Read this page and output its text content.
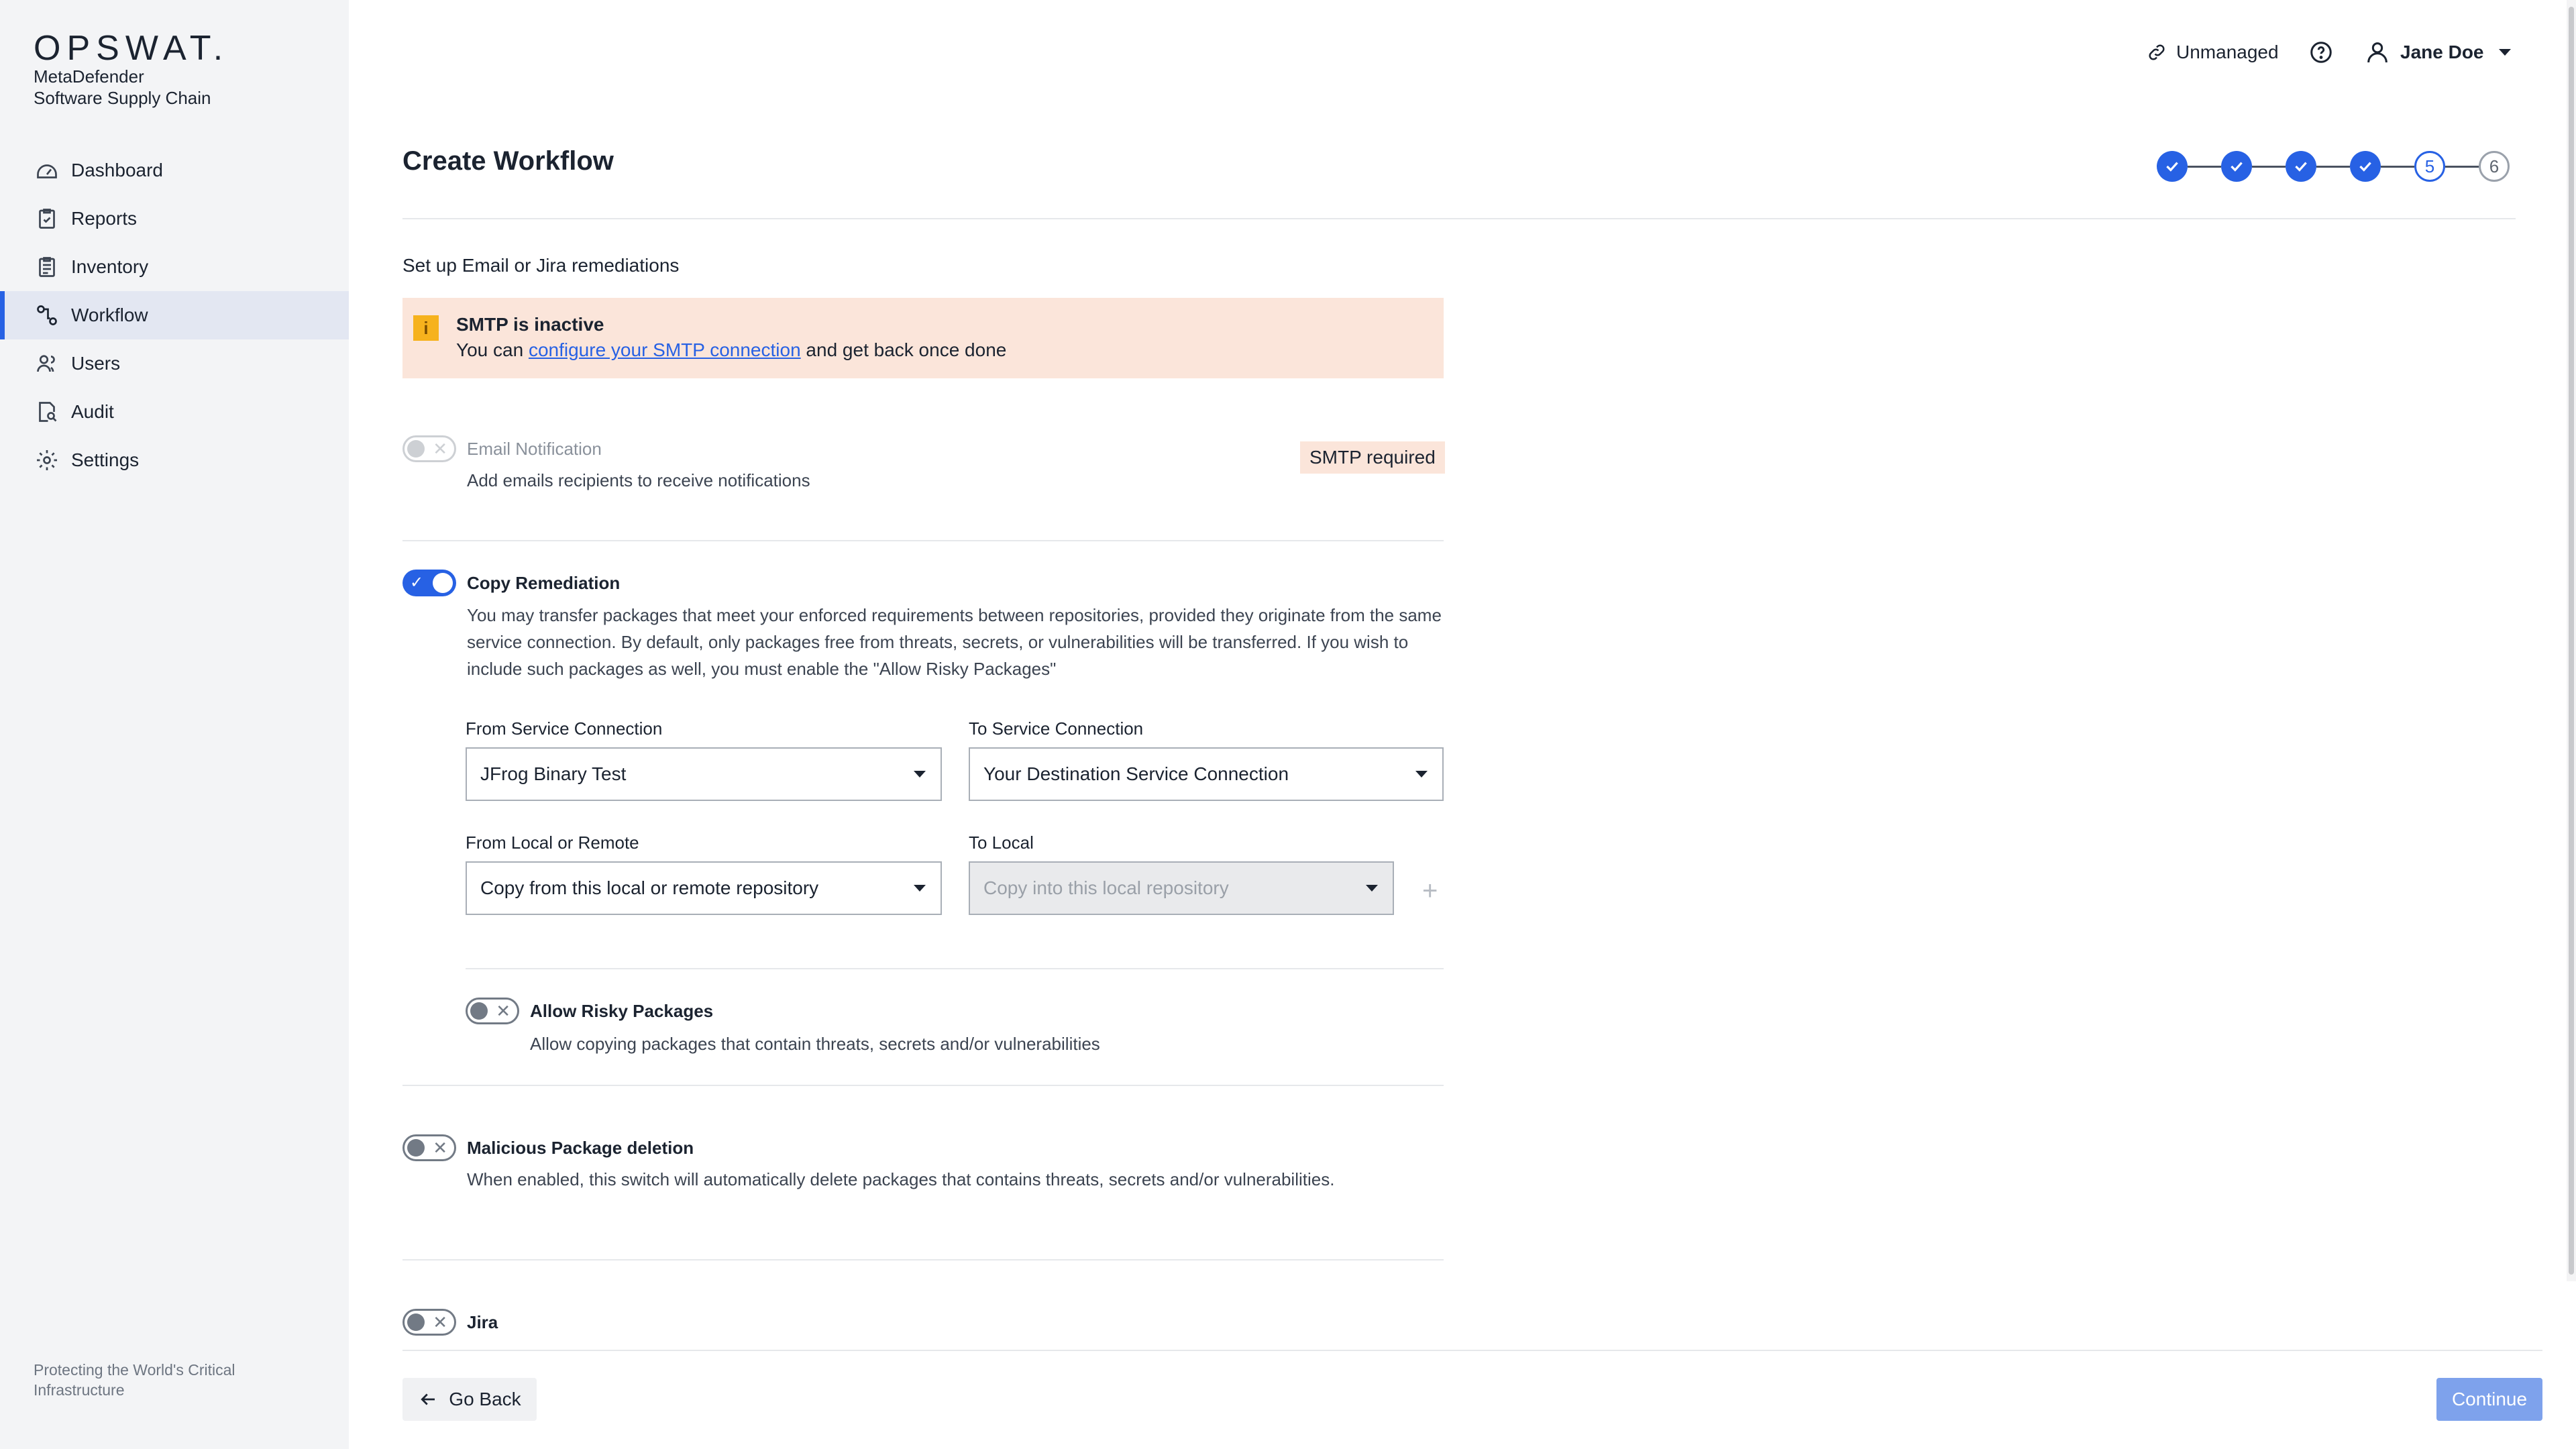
OPSWAT.
MetaDefender
Software Supply Chain
Dashboard
Reports
Inventory
Workflow
Users
Audit
Settings
Protecting the World's Critical Infrastructure
Unmanaged	Jane Doe
Create Workflow	5	6
Set up Email or Jira remediations
i	SMTP is inactive
You can configure your SMTP connection and get back once done
✕ Email Notification
Add emails recipients to receive notifications
SMTP required
✓ Copy Remediation
You may transfer packages that meet your enforced requirements between repositories, provided they originate from the same service connection. By default, only packages free from threats, secrets, or vulnerabilities will be transferred. If you wish to include such packages as well, you must enable the "Allow Risky Packages"
From Service Connection
JFrog Binary Test
To Service Connection
Your Destination Service Connection
From Local or Remote
Copy from this local or remote repository
To Local
Copy into this local repository	+
✕ Allow Risky Packages
Allow copying packages that contain threats, secrets and/or vulnerabilities
✕ Malicious Package deletion
When enabled, this switch will automatically delete packages that contains threats, secrets and/or vulnerabilities.
✕ Jira
Go Back	Continue
